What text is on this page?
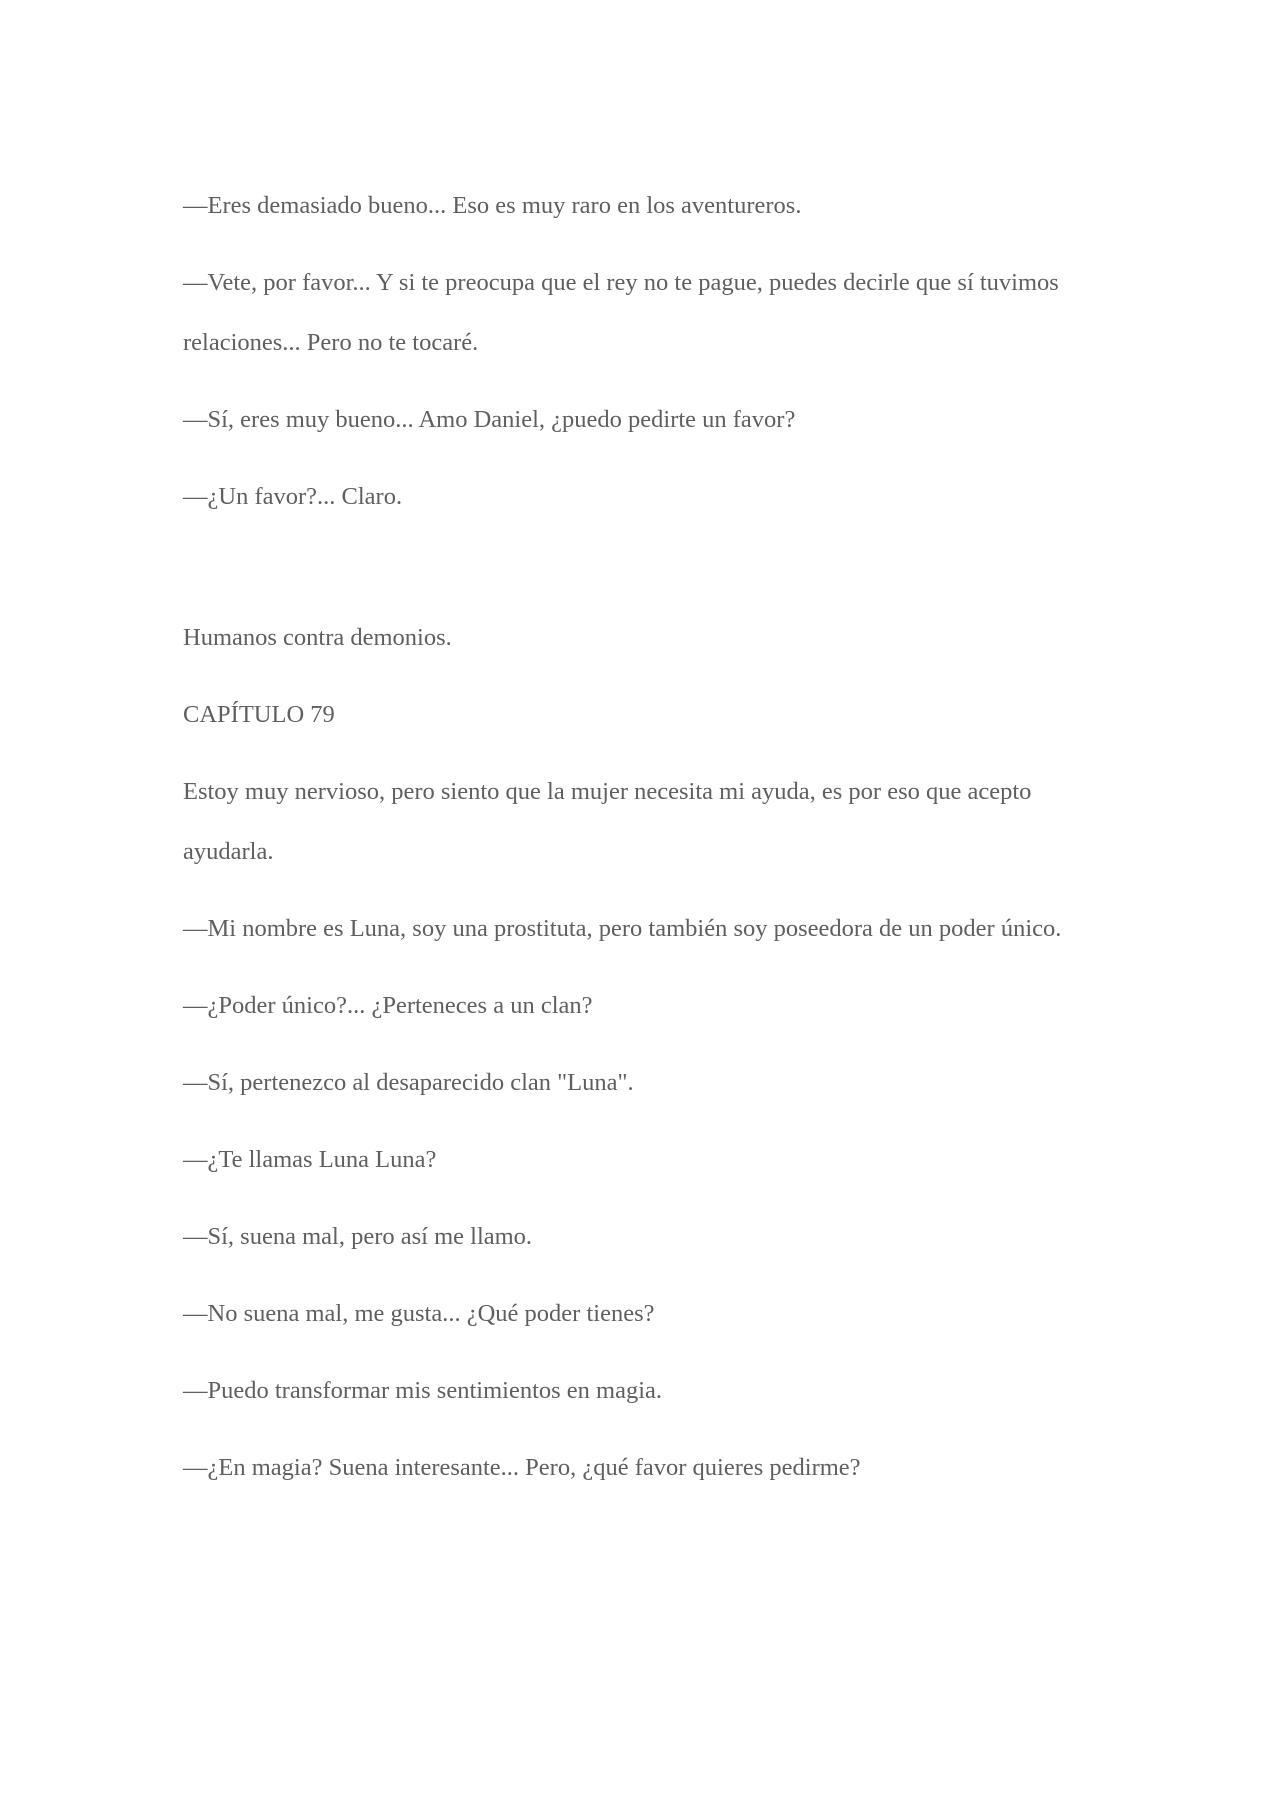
—Eres demasiado bueno... Eso es muy raro en los aventureros.

—Vete, por favor... Y si te preocupa que el rey no te pague, puedes decirle que sí tuvimos relaciones... Pero no te tocaré.

—Sí, eres muy bueno... Amo Daniel, ¿puedo pedirte un favor?

—¿Un favor?... Claro.

Humanos contra demonios.

CAPÍTULO 79

Estoy muy nervioso, pero siento que la mujer necesita mi ayuda, es por eso que acepto ayudarla.

—Mi nombre es Luna, soy una prostituta, pero también soy poseedora de un poder único.

—¿Poder único?... ¿Perteneces a un clan?

—Sí, pertenezco al desaparecido clan "Luna".

—¿Te llamas Luna Luna?

—Sí, suena mal, pero así me llamo.

—No suena mal, me gusta... ¿Qué poder tienes?

—Puedo transformar mis sentimientos en magia.

—¿En magia? Suena interesante... Pero, ¿qué favor quieres pedirme?
